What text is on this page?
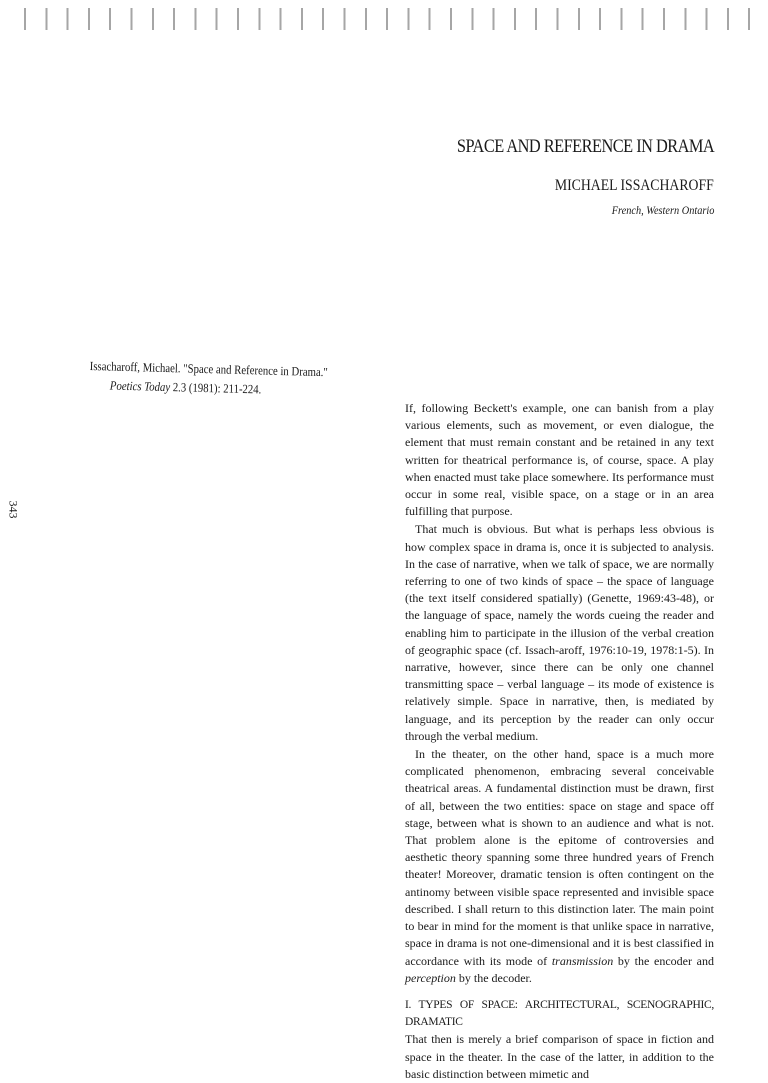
SPACE AND REFERENCE IN DRAMA
MICHAEL ISSACHAROFF
French, Western Ontario
Issacharoff, Michael. "Space and Reference in Drama."
Poetics Today 2.3 (1981): 211-224.
343

If, following Beckett's example, one can banish from a play various elements, such as movement, or even dialogue, the element that must remain constant and be retained in any text written for theatrical performance is, of course, space. A play when enacted must take place somewhere. Its performance must occur in some real, visible space, on a stage or in an area fulfilling that purpose.

That much is obvious. But what is perhaps less obvious is how complex space in drama is, once it is subjected to analysis. In the case of narrative, when we talk of space, we are normally referring to one of two kinds of space – the space of language (the text itself considered spatially) (Genette, 1969:43-48), or the language of space, namely the words cueing the reader and enabling him to participate in the illusion of the verbal creation of geographic space (cf. Issach-aroff, 1976:10-19, 1978:1-5). In narrative, however, since there can be only one channel transmitting space – verbal language – its mode of existence is relatively simple. Space in narrative, then, is mediated by language, and its perception by the reader can only occur through the verbal medium.

In the theater, on the other hand, space is a much more complicated phenomenon, embracing several conceivable theatrical areas. A fundamental distinction must be drawn, first of all, between the two entities: space on stage and space off stage, between what is shown to an audience and what is not. That problem alone is the epitome of controversies and aesthetic theory spanning some three hundred years of French theater! Moreover, dramatic tension is often contingent on the antinomy between visible space represented and invisible space described. I shall return to this distinction later. The main point to bear in mind for the moment is that unlike space in narrative, space in drama is not one-dimensional and it is best classified in accordance with its mode of transmission by the encoder and perception by the decoder.

I. TYPES OF SPACE: ARCHITECTURAL, SCENOGRAPHIC, DRAMATIC

That then is merely a brief comparison of space in fiction and space in the theater. In the case of the latter, in addition to the basic distinction between mimetic and
